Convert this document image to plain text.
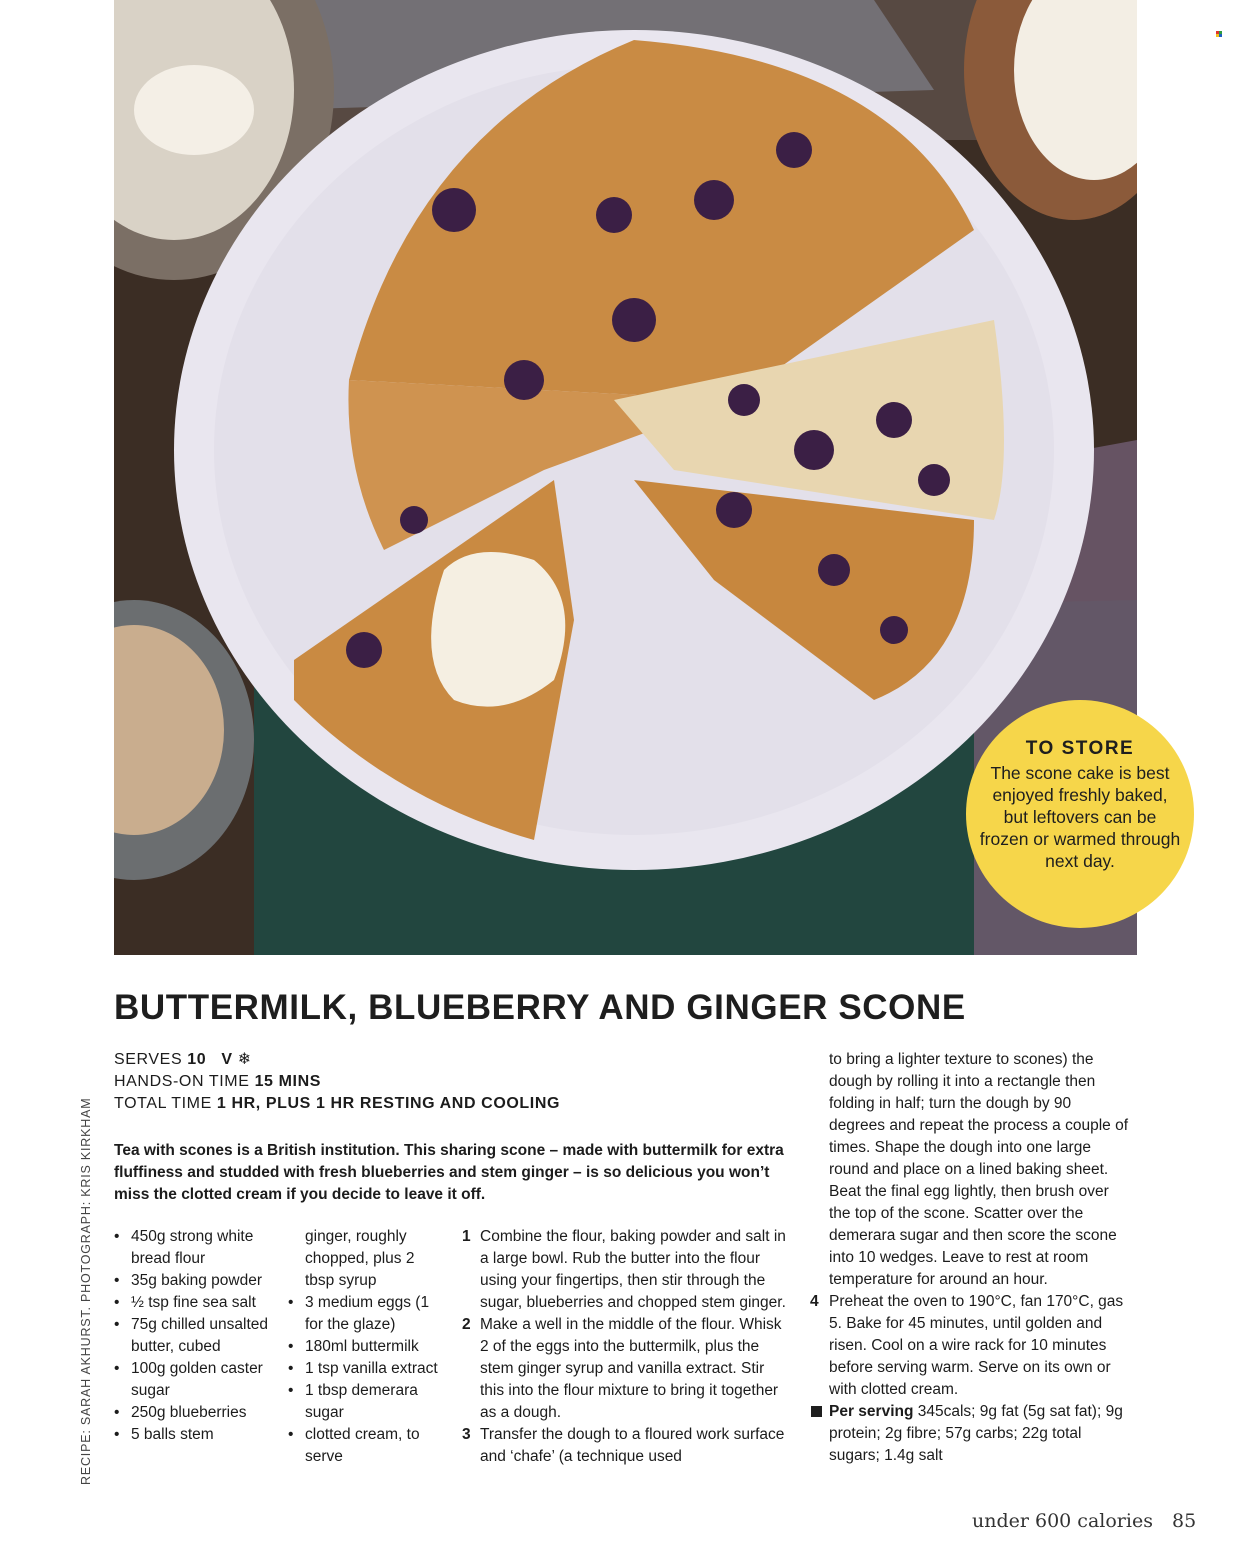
TO STORE
The scone cake is best enjoyed freshly baked, but leftovers can be frozen or warmed through next day.
BUTTERMILK, BLUEBERRY AND GINGER SCONE
SERVES 10 V ❄
HANDS-ON TIME 15 MINS
TOTAL TIME 1 HR, PLUS 1 HR RESTING AND COOLING
Tea with scones is a British institution. This sharing scone – made with buttermilk for extra fluffiness and studded with fresh blueberries and stem ginger – is so delicious you won’t miss the clotted cream if you decide to leave it off.
• 450g strong white bread flour
• 35g baking powder
• ½ tsp fine sea salt
• 75g chilled unsalted butter, cubed
• 100g golden caster sugar
• 250g blueberries
• 5 balls stem
ginger, roughly chopped, plus 2 tbsp syrup
• 3 medium eggs (1 for the glaze)
• 180ml buttermilk
• 1 tsp vanilla extract
• 1 tbsp demerara sugar
• clotted cream, to serve
1 Combine the flour, baking powder and salt in a large bowl. Rub the butter into the flour using your fingertips, then stir through the sugar, blueberries and chopped stem ginger.
2 Make a well in the middle of the flour. Whisk 2 of the eggs into the buttermilk, plus the stem ginger syrup and vanilla extract. Stir this into the flour mixture to bring it together as a dough.
3 Transfer the dough to a floured work surface and ‘chafe’ (a technique used
to bring a lighter texture to scones) the dough by rolling it into a rectangle then folding in half; turn the dough by 90 degrees and repeat the process a couple of times. Shape the dough into one large round and place on a lined baking sheet. Beat the final egg lightly, then brush over the top of the scone. Scatter over the demerara sugar and then score the scone into 10 wedges. Leave to rest at room temperature for around an hour.
4 Preheat the oven to 190°C, fan 170°C, gas 5. Bake for 45 minutes, until golden and risen. Cool on a wire rack for 10 minutes before serving warm. Serve on its own or with clotted cream.
Per serving 345cals; 9g fat (5g sat fat); 9g protein; 2g fibre; 57g carbs; 22g total sugars; 1.4g salt
RECIPE: SARAH AKHURST. PHOTOGRAPH: KRIS KIRKHAM
under 600 calories 85
